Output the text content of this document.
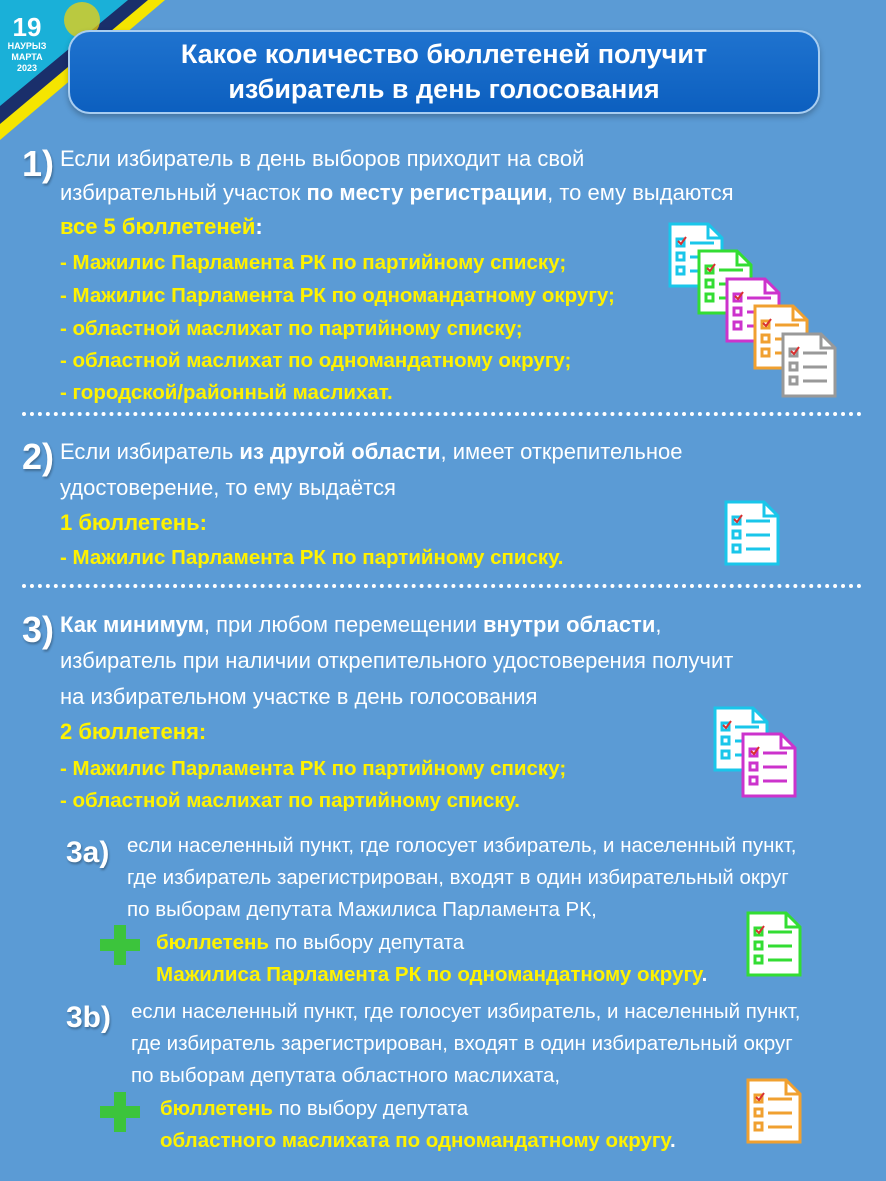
19
НАУРЫЗ
МАРТА
2023	Какое количество бюллетеней получит
избиратель в день голосования
1) Если избиратель в день выборов приходит на свой
избирательный участок по месту регистрации, то ему выдаются
все 5 бюллетеней:
- Мажилис Парламента РК по партийному списку;
- Мажилис Парламента РК по одномандатному округу;
- областной маслихат по партийному списку;
- областной маслихат по одномандатному округу;
- городской/районный маслихат.
2) Если избиратель из другой области, имеет открепительное
удостоверение, то ему выдаётся
1 бюллетень:
- Мажилис Парламента РК по партийному списку.
3) Как минимум, при любом перемещении внутри области,
избиратель при наличии открепительного удостоверения получит
на избирательном участке в день голосования
2 бюллетеня:
- Мажилис Парламента РК по партийному списку;
- областной маслихат по партийному списку.
3a) если населенный пункт, где голосует избиратель, и населенный пункт,
где избиратель зарегистрирован, входят в один избирательный округ
по выборам депутата Мажилиса Парламента РК,
бюллетень по выбору депутата
Мажилиса Парламента РК по одномандатному округу.
3b) если населенный пункт, где голосует избиратель, и населенный пункт,
где избиратель зарегистрирован, входят в один избирательный округ
по выборам депутата областного маслихата,
бюллетень по выбору депутата
областного маслихата по одномандатному округу.
